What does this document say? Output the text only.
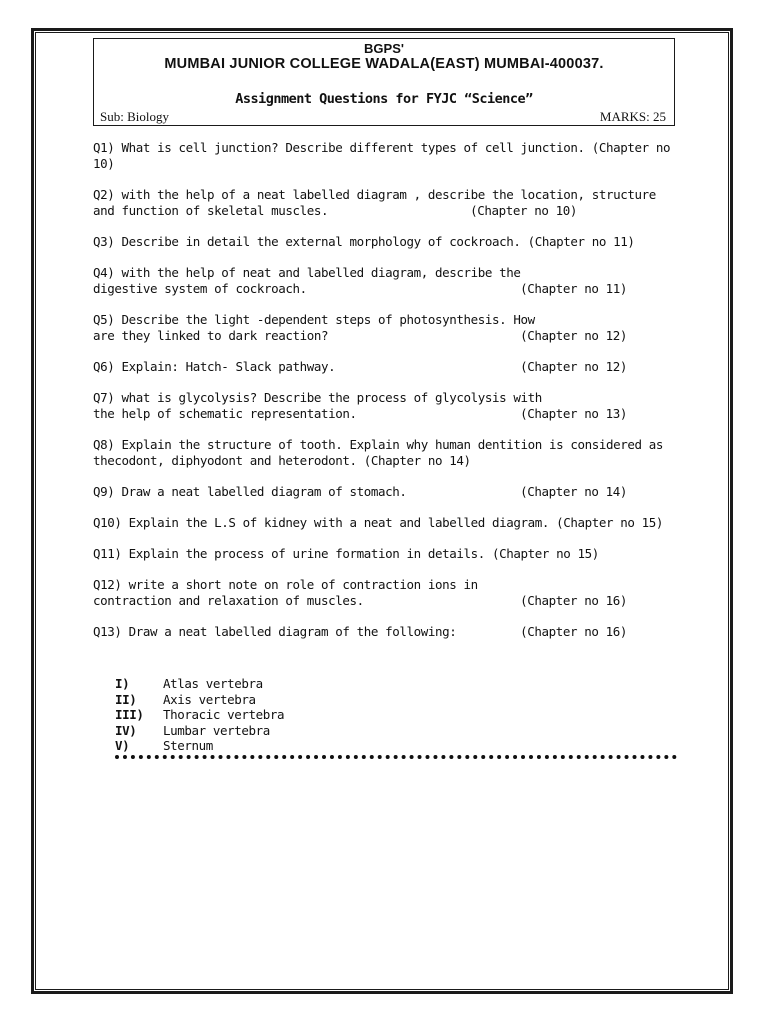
BGPS'
MUMBAI JUNIOR COLLEGE WADALA(EAST) MUMBAI-400037.
Assignment Questions for FYJC “Science”
Sub: Biology	MARKS: 25
Q1) What is cell junction? Describe different types of cell junction. (Chapter no 10)
Q2) with the help of a neat labelled diagram , describe the location, structure and function of skeletal muscles.	(Chapter no 10)
Q3) Describe in detail the external morphology of cockroach. (Chapter no 11)
Q4) with the help of neat and labelled diagram, describe the digestive system of cockroach.	(Chapter no 11)
Q5) Describe the light -dependent steps of photosynthesis. How are they linked to dark reaction?	(Chapter no 12)
Q6) Explain: Hatch- Slack pathway.	(Chapter no 12)
Q7) what is glycolysis? Describe the process of glycolysis with the help of schematic representation.	(Chapter no 13)
Q8) Explain the structure of tooth. Explain why human dentition is considered as thecodont, diphyodont and heterodont. (Chapter no 14)
Q9) Draw a neat labelled diagram of stomach.	(Chapter no 14)
Q10) Explain the L.S of kidney with a neat and labelled diagram. (Chapter no 15)
Q11) Explain the process of urine formation in details. (Chapter no 15)
Q12) write a short note on role of contraction ions in contraction and relaxation of muscles.	(Chapter no 16)
Q13) Draw a neat labelled diagram of the following:	(Chapter no 16)
I)	Atlas vertebra
II) Axis vertebra
III) Thoracic vertebra
IV) Lumbar vertebra
V)	Sternum
